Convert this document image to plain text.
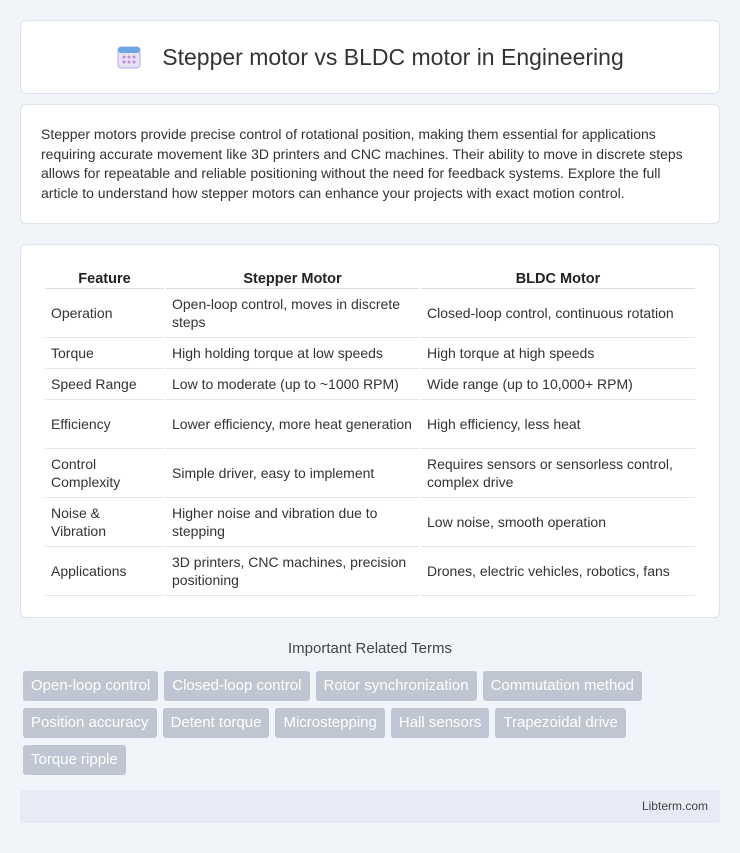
Stepper motor vs BLDC motor in Engineering

Stepper motors provide precise control of rotational position, making them essential for applications requiring accurate movement like 3D printers and CNC machines. Their ability to move in discrete steps allows for repeatable and reliable positioning without the need for feedback systems. Explore the full article to understand how stepper motors can enhance your projects with exact motion control.

Feature	Stepper Motor	BLDC Motor
Operation	Open-loop control, moves in discrete steps	Closed-loop control, continuous rotation
Torque	High holding torque at low speeds	High torque at high speeds
Speed Range	Low to moderate (up to ~1000 RPM)	Wide range (up to 10,000+ RPM)
Efficiency	Lower efficiency, more heat generation	High efficiency, less heat
Control Complexity	Simple driver, easy to implement	Requires sensors or sensorless control, complex drive
Noise & Vibration	Higher noise and vibration due to stepping	Low noise, smooth operation
Applications	3D printers, CNC machines, precision positioning	Drones, electric vehicles, robotics, fans
Important Related Terms
Open-loop control	Closed-loop control	Rotor synchronization	Commutation method
Position accuracy	Detent torque	Microstepping	Hall sensors	Trapezoidal drive
Torque ripple
Libterm.com
